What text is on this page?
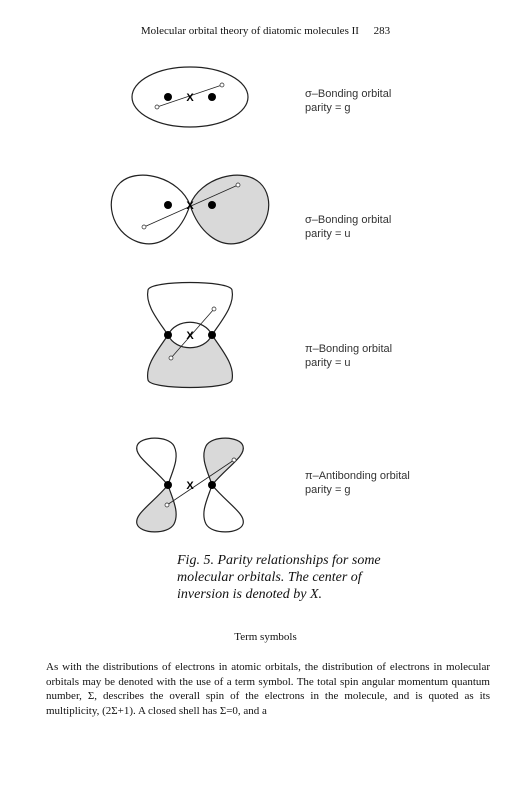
Molecular orbital theory of diatomic molecules II 283
X
X
X
X
σ–Bonding orbital
parity = g
σ–Bonding orbital
parity = u
π–Bonding orbital
parity = u
π–Antibonding orbital
parity = g
Fig. 5. Parity relationships for some molecular orbitals. The center of inversion is denoted by X.
Term symbols
As with the distributions of electrons in atomic orbitals, the distribution of electrons in molecular orbitals may be denoted with the use of a term symbol. The total spin angular momentum quantum number, Σ, describes the overall spin of the electrons in the molecule, and is quoted as its multiplicity, (2Σ+1). A closed shell has Σ=0, and a
